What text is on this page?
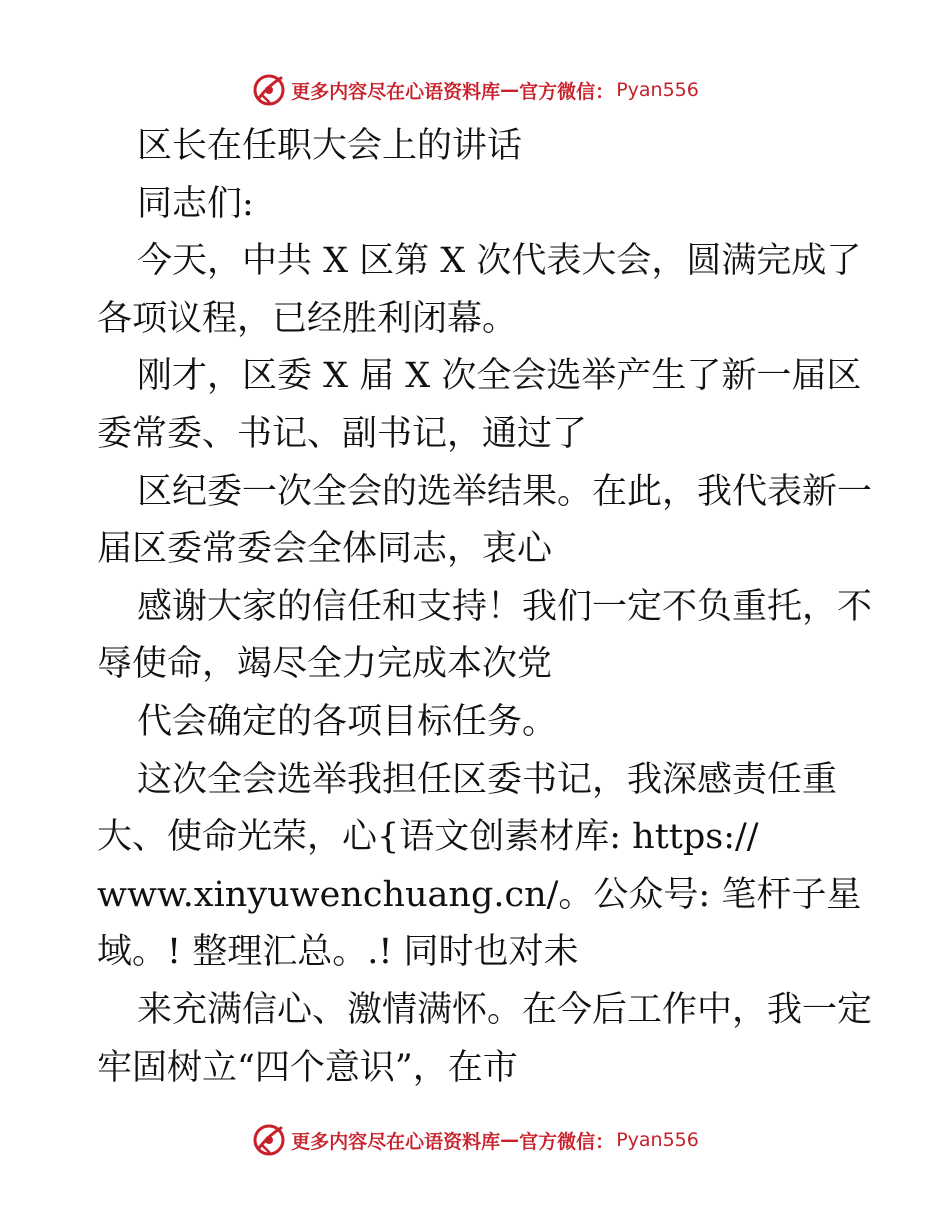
更多内容尽在心语资料库 — 官方微信： Pyan556

区长在任职大会上的讲话

同志们:

今天，中共 X 区第 X 次代表大会，圆满完成了

各项议程，已经胜利闭幕。

刚才，区委 X 届 X 次全会选举产生了新一届区

委常委、书记、副书记，通过了

区纪委一次全会的选举结果。在此，我代表新一

届区委常委会全体同志，衷心

感谢大家的信任和支持！我们一定不负重托，不

辱使命，竭尽全力完成本次党

代会确定的各项目标任务。

这次全会选举我担任区委书记，我深感责任重

大、使命光荣，心{语文创素材库: https://

www.xinyuwenchuang.cn/。公众号: 笔杆子星

域。! 整理汇总。.! 同时也对未

来充满信心、激情满怀。在今后工作中，我一定

牢固树立“四个意识”，在市

更多内容尽在心语资料库 — 官方微信： Pyan556
